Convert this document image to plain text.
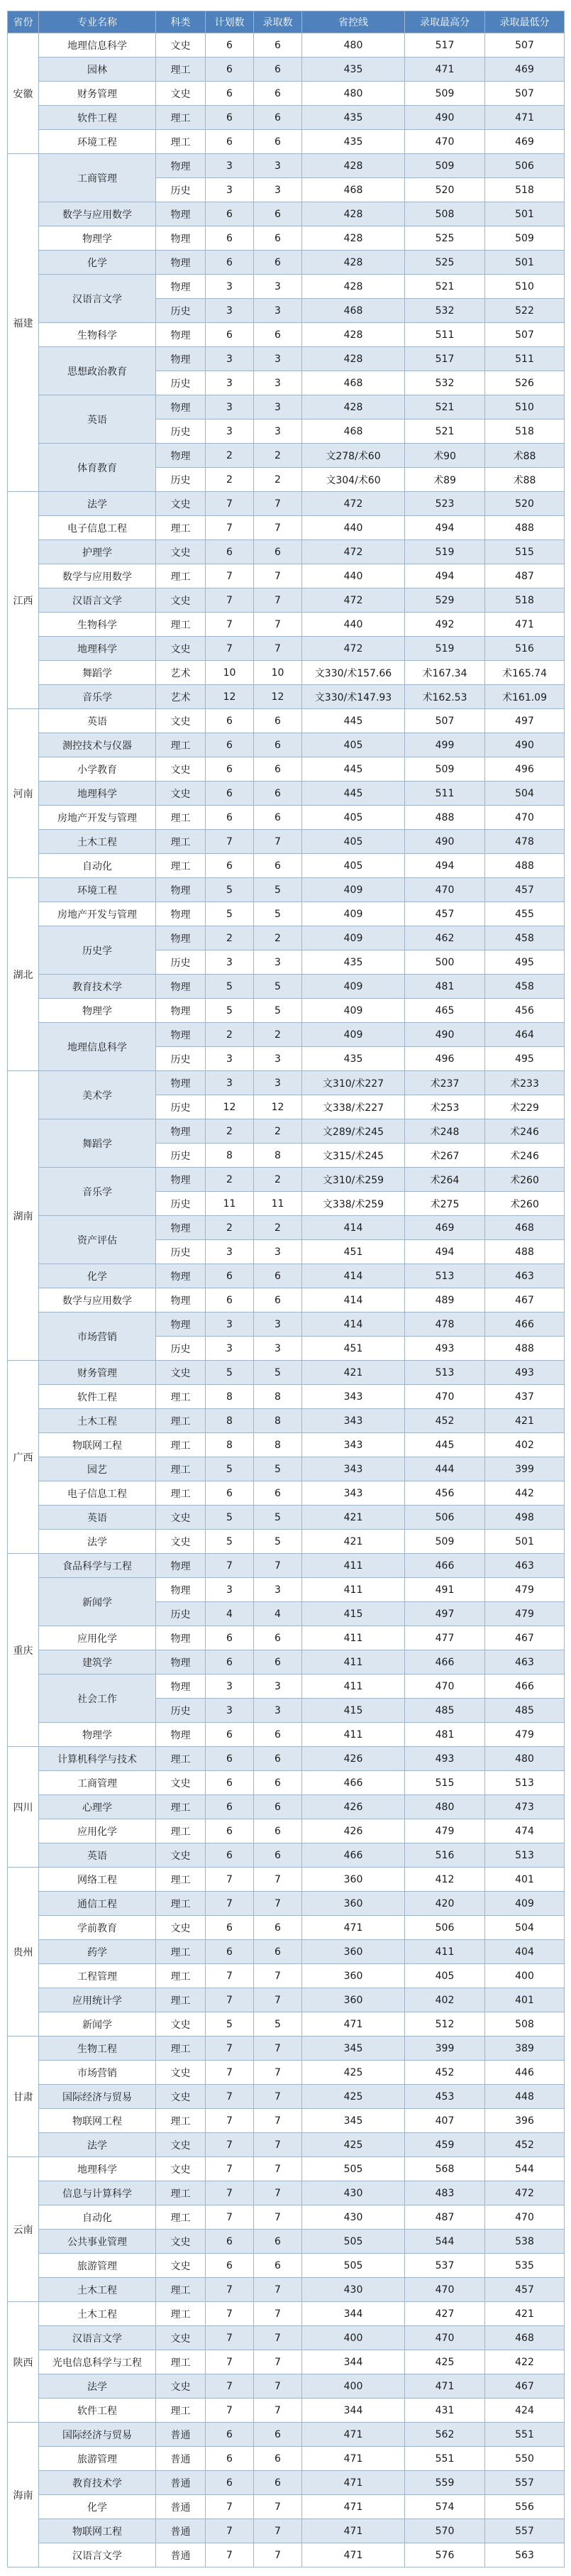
省份	专业名称	科类	计划数	录取数	省控线	录取最高分	录取最低分
安徽	地理信息科学	文史	6	6	480	517	507
	园林	理工	6	6	435	471	469
	财务管理	文史	6	6	480	509	507
	软件工程	理工	6	6	435	490	471
	环境工程	理工	6	6	435	470	469
福建	工商管理	物理	3	3	428	509	506
		历史	3	3	468	520	518
	数学与应用数学	物理	6	6	428	508	501
	物理学	物理	6	6	428	525	509
	化学	物理	6	6	428	525	501
	汉语言文学	物理	3	3	428	521	510
		历史	3	3	468	532	522
	生物科学	物理	6	6	428	511	507
	思想政治教育	物理	3	3	428	517	511
		历史	3	3	468	532	526
	英语	物理	3	3	428	521	510
		历史	3	3	468	521	518
	体育教育	物理	2	2	文278/术60	术90	术88
		历史	2	2	文304/术60	术89	术88
江西	法学	文史	7	7	472	523	520
	电子信息工程	理工	7	7	440	494	488
	护理学	文史	6	6	472	519	515
	数学与应用数学	理工	7	7	440	494	487
	汉语言文学	文史	7	7	472	529	518
	生物科学	理工	7	7	440	492	471
	地理科学	文史	7	7	472	519	516
	舞蹈学	艺术	10	10	文330/术157.66	术167.34	术165.74
	音乐学	艺术	12	12	文330/术147.93	术162.53	术161.09
河南	英语	文史	6	6	445	507	497
	测控技术与仪器	理工	6	6	405	499	490
	小学教育	文史	6	6	445	509	496
	地理科学	文史	6	6	445	511	504
	房地产开发与管理	理工	6	6	405	488	470
	土木工程	理工	7	7	405	490	478
	自动化	理工	6	6	405	494	488
湖北	环境工程	物理	5	5	409	470	457
	房地产开发与管理	物理	5	5	409	457	455
	历史学	物理	2	2	409	462	458
		历史	3	3	435	500	495
	教育技术学	物理	5	5	409	481	458
	物理学	物理	5	5	409	465	456
	地理信息科学	物理	2	2	409	490	464
		历史	3	3	435	496	495
湖南	美术学	物理	3	3	文310/术227	术237	术233
		历史	12	12	文338/术227	术253	术229
	舞蹈学	物理	2	2	文289/术245	术248	术246
		历史	8	8	文315/术245	术267	术246
	音乐学	物理	2	2	文310/术259	术264	术260
		历史	11	11	文338/术259	术275	术260
	资产评估	物理	2	2	414	469	468
		历史	3	3	451	494	488
	化学	物理	6	6	414	513	463
	数学与应用数学	物理	6	6	414	489	467
	市场营销	物理	3	3	414	478	466
		历史	3	3	451	493	488
广西	财务管理	文史	5	5	421	513	493
	软件工程	理工	8	8	343	470	437
	土木工程	理工	8	8	343	452	421
	物联网工程	理工	8	8	343	445	402
	园艺	理工	5	5	343	444	399
	电子信息工程	理工	6	6	343	456	442
	英语	文史	5	5	421	506	498
	法学	文史	5	5	421	509	501
重庆	食品科学与工程	物理	7	7	411	466	463
	新闻学	物理	3	3	411	491	479
		历史	4	4	415	497	479
	应用化学	物理	6	6	411	477	467
	建筑学	物理	6	6	411	466	463
	社会工作	物理	3	3	411	470	466
		历史	3	3	415	485	485
	物理学	物理	6	6	411	481	479
四川	计算机科学与技术	理工	6	6	426	493	480
	工商管理	文史	6	6	466	515	513
	心理学	理工	6	6	426	480	473
	应用化学	理工	6	6	426	479	474
	英语	文史	6	6	466	516	513
贵州	网络工程	理工	7	7	360	412	401
	通信工程	理工	7	7	360	420	409
	学前教育	文史	6	6	471	506	504
	药学	理工	6	6	360	411	404
	工程管理	理工	7	7	360	405	400
	应用统计学	理工	7	7	360	402	401
	新闻学	文史	5	5	471	512	508
甘肃	生物工程	理工	7	7	345	399	389
	市场营销	文史	7	7	425	452	446
	国际经济与贸易	文史	7	7	425	453	448
	物联网工程	理工	7	7	345	407	396
	法学	文史	7	7	425	459	452
云南	地理科学	文史	7	7	505	568	544
	信息与计算科学	理工	7	7	430	483	472
	自动化	理工	7	7	430	487	470
	公共事业管理	文史	6	6	505	544	538
	旅游管理	文史	6	6	505	537	535
	土木工程	理工	7	7	430	470	457
陕西	土木工程	理工	7	7	344	427	421
	汉语言文学	文史	7	7	400	470	468
	光电信息科学与工程	理工	7	7	344	425	422
	法学	文史	7	7	400	471	467
	软件工程	理工	7	7	344	431	424
海南	国际经济与贸易	普通	6	6	471	562	551
	旅游管理	普通	6	6	471	551	550
	教育技术学	普通	6	6	471	559	557
	化学	普通	7	7	471	574	556
	物联网工程	普通	7	7	471	570	557
	汉语言文学	普通	7	7	471	576	563
